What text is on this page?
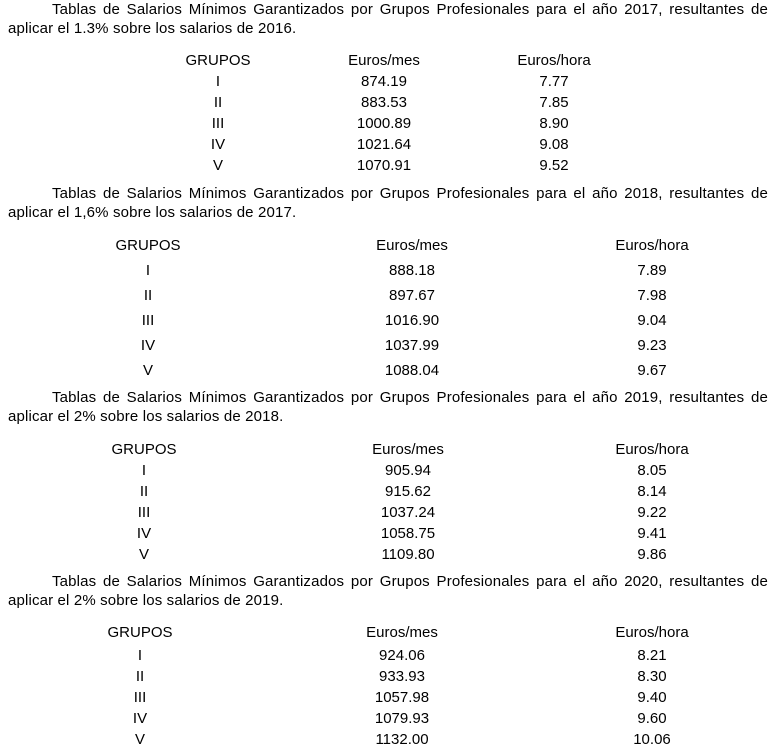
Tablas de Salarios Mínimos Garantizados por Grupos Profesionales para el año 2017, resultantes de aplicar el 1.3% sobre los salarios de 2016.

GRUPOS	Euros/mes	Euros/hora
I	874.19	7.77
II	883.53	7.85
III	1000.89	8.90
IV	1021.64	9.08
V	1070.91	9.52

Tablas de Salarios Mínimos Garantizados por Grupos Profesionales para el año 2018, resultantes de aplicar el 1,6% sobre los salarios de 2017.

GRUPOS	Euros/mes	Euros/hora
I	888.18	7.89
II	897.67	7.98
III	1016.90	9.04
IV	1037.99	9.23
V	1088.04	9.67

Tablas de Salarios Mínimos Garantizados por Grupos Profesionales para el año 2019, resultantes de aplicar el 2% sobre los salarios de 2018.

GRUPOS	Euros/mes	Euros/hora
I	905.94	8.05
II	915.62	8.14
III	1037.24	9.22
IV	1058.75	9.41
V	1109.80	9.86

Tablas de Salarios Mínimos Garantizados por Grupos Profesionales para el año 2020, resultantes de aplicar el 2% sobre los salarios de 2019.

GRUPOS	Euros/mes	Euros/hora
I	924.06	8.21
II	933.93	8.30
III	1057.98	9.40
IV	1079.93	9.60
V	1132.00	10.06
